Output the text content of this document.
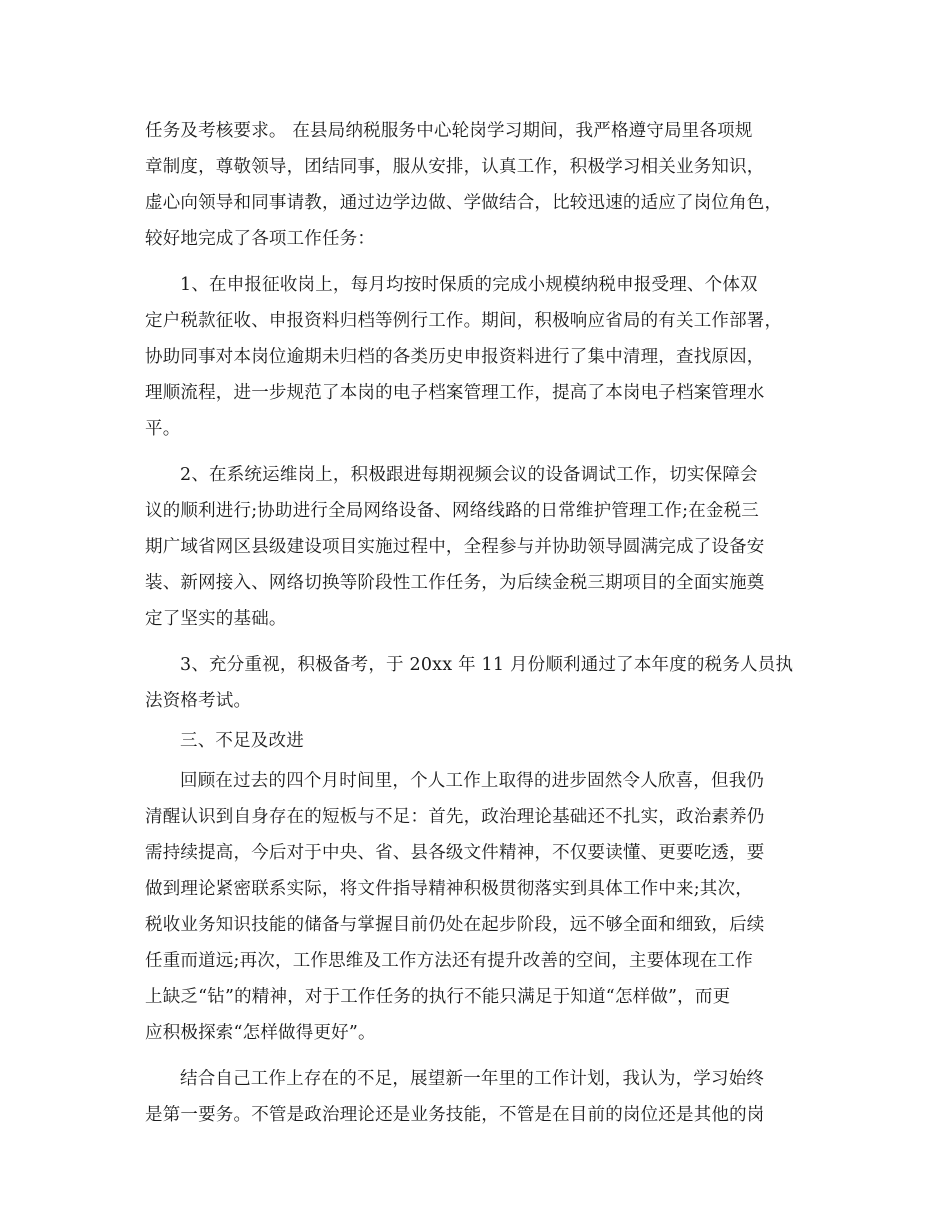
任务及考核要求。 在县局纳税服务中心轮岗学习期间，我严格遵守局里各项规
章制度，尊敬领导，团结同事，服从安排，认真工作，积极学习相关业务知识，
虚心向领导和同事请教，通过边学边做、学做结合，比较迅速的适应了岗位角色，
较好地完成了各项工作任务：
1、在申报征收岗上，每月均按时保质的完成小规模纳税申报受理、个体双
定户税款征收、申报资料归档等例行工作。期间，积极响应省局的有关工作部署，
协助同事对本岗位逾期未归档的各类历史申报资料进行了集中清理，查找原因，
理顺流程，进一步规范了本岗的电子档案管理工作，提高了本岗电子档案管理水
平。
2、在系统运维岗上，积极跟进每期视频会议的设备调试工作，切实保障会
议的顺利进行;协助进行全局网络设备、网络线路的日常维护管理工作;在金税三
期广域省网区县级建设项目实施过程中，全程参与并协助领导圆满完成了设备安
装、新网接入、网络切换等阶段性工作任务，为后续金税三期项目的全面实施奠
定了坚实的基础。
3、充分重视，积极备考，于 20xx 年 11 月份顺利通过了本年度的税务人员执
法资格考试。
三、不足及改进
回顾在过去的四个月时间里，个人工作上取得的进步固然令人欣喜，但我仍
清醒认识到自身存在的短板与不足：首先，政治理论基础还不扎实，政治素养仍
需持续提高，今后对于中央、省、县各级文件精神，不仅要读懂、更要吃透，要
做到理论紧密联系实际，将文件指导精神积极贯彻落实到具体工作中来;其次，
税收业务知识技能的储备与掌握目前仍处在起步阶段，远不够全面和细致，后续
任重而道远;再次，工作思维及工作方法还有提升改善的空间，主要体现在工作
上缺乏“钻”的精神，对于工作任务的执行不能只满足于知道“怎样做”，而更
应积极探索“怎样做得更好”。
结合自己工作上存在的不足，展望新一年里的工作计划，我认为，学习始终
是第一要务。不管是政治理论还是业务技能，不管是在目前的岗位还是其他的岗
